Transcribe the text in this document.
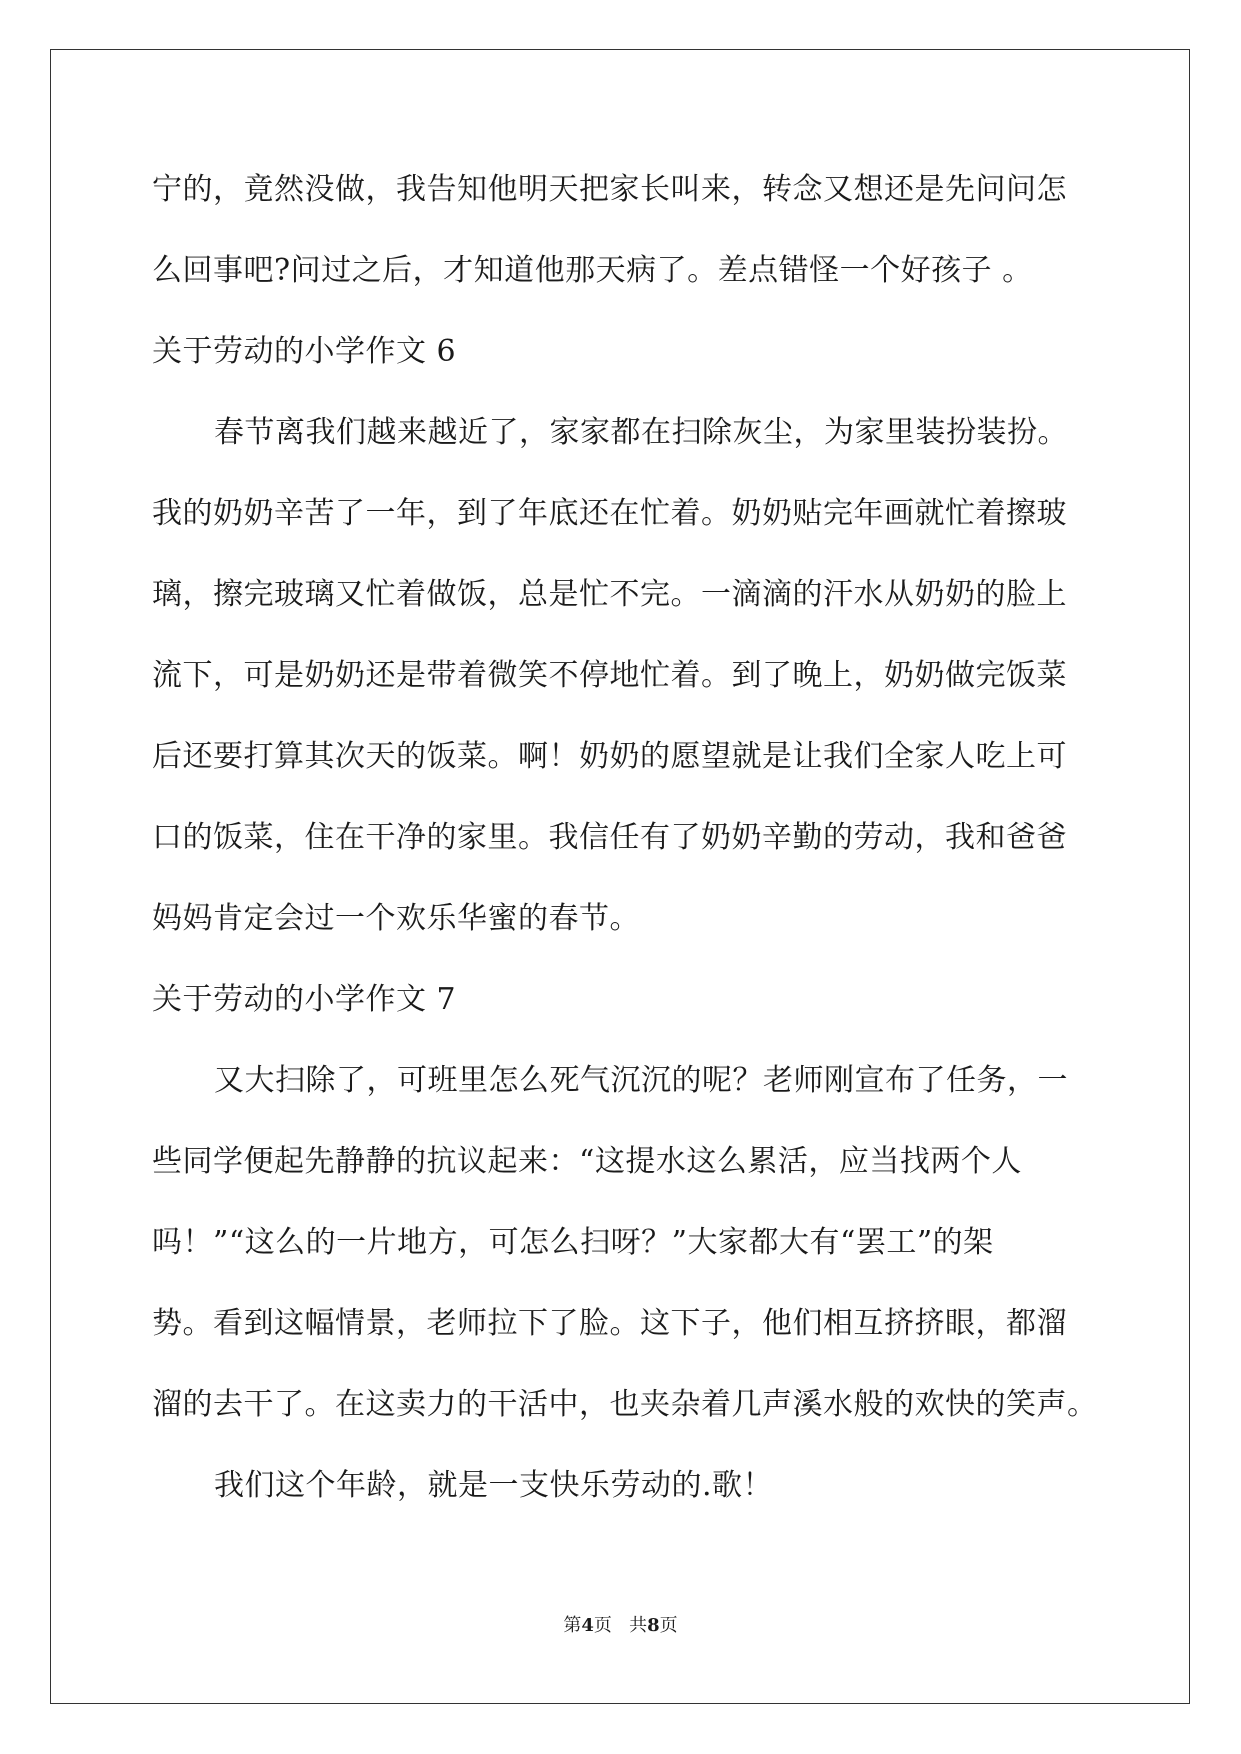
宁的，竟然没做，我告知他明天把家长叫来，转念又想还是先问问怎
么回事吧?问过之后，才知道他那天病了。差点错怪一个好孩子 。
关于劳动的小学作文 6
春节离我们越来越近了，家家都在扫除灰尘，为家里装扮装扮。
我的奶奶辛苦了一年，到了年底还在忙着。奶奶贴完年画就忙着擦玻
璃，擦完玻璃又忙着做饭，总是忙不完。一滴滴的汗水从奶奶的脸上
流下，可是奶奶还是带着微笑不停地忙着。到了晚上，奶奶做完饭菜
后还要打算其次天的饭菜。啊！奶奶的愿望就是让我们全家人吃上可
口的饭菜，住在干净的家里。我信任有了奶奶辛勤的劳动，我和爸爸
妈妈肯定会过一个欢乐华蜜的春节。
关于劳动的小学作文 7
又大扫除了，可班里怎么死气沉沉的呢？老师刚宣布了任务，一
些同学便起先静静的抗议起来：“这提水这么累活，应当找两个人
吗！”“这么的一片地方，可怎么扫呀？”大家都大有“罢工”的架
势。看到这幅情景，老师拉下了脸。这下子，他们相互挤挤眼，都溜
溜的去干了。在这卖力的干活中，也夹杂着几声溪水般的欢快的笑声。
我们这个年龄，就是一支快乐劳动的.歌！
第4页   共8页
